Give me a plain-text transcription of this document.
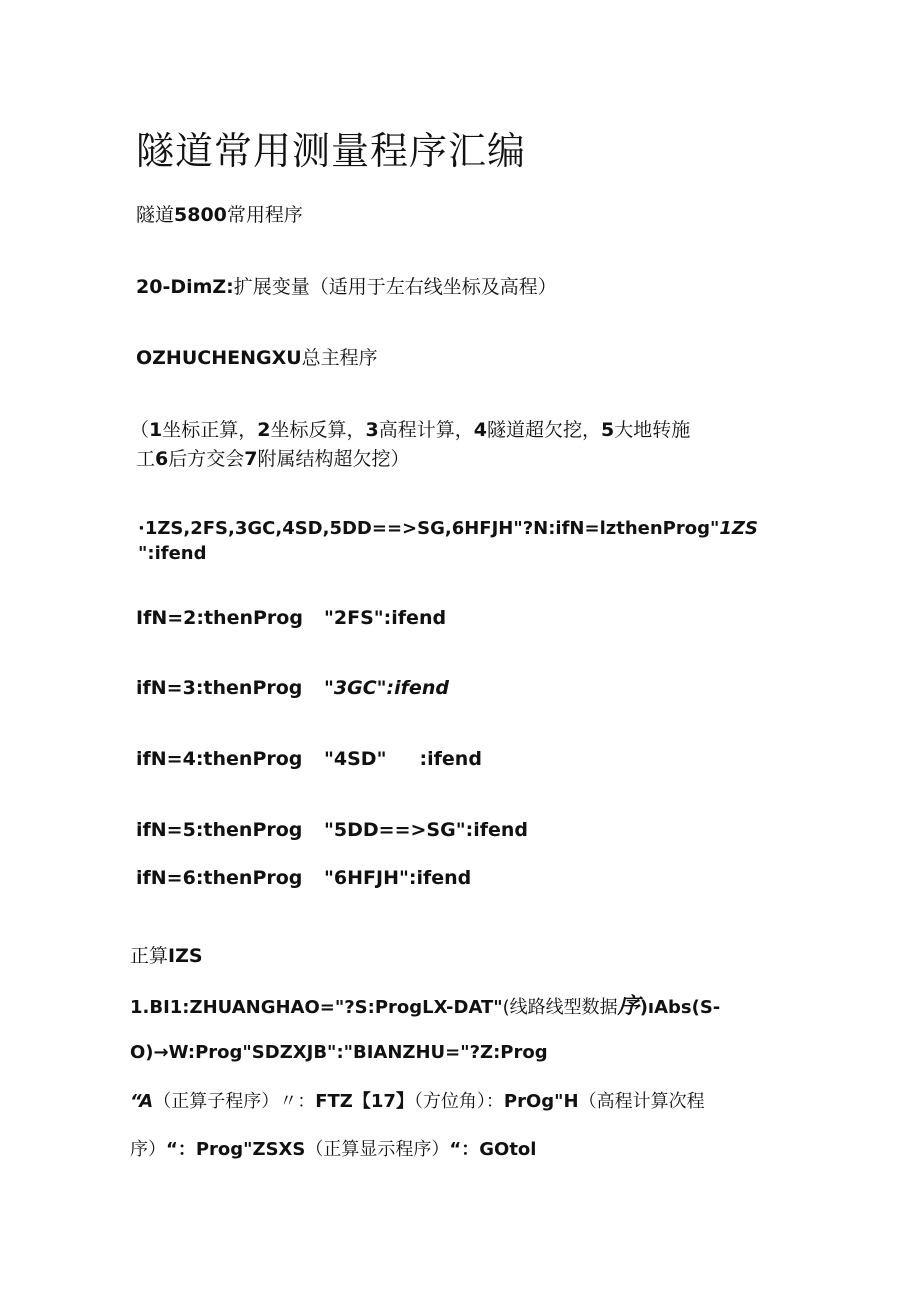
隧道常用测量程序汇编
隧道5800常用程序
20-DimZ:扩展变量（适用于左右线坐标及高程）
OZHUCHENGXU总主程序
（1坐标正算，2坐标反算，3高程计算，4隧道超欠挖，5大地转施
工6后方交会7附属结构超欠挖）
·1ZS,2FS,3GC,4SD,5DD==>SG,6HFJH"?N:ifN=lzthenProg"1ZS
":ifend
IfN=2:thenProg "2FS":ifend
ifN=3:thenProg "3GC":ifend
ifN=4:thenProg "4SD"     :ifend
ifN=5:thenProg "5DD==>SG":ifend
ifN=6:thenProg "6HFJH":ifend
正算IZS
1.BI1:ZHUANGHAO="?S:ProgLX-DAT"(线路线型数据序)ıAbs(S-
O)→W:Prog"SDZXJB":"BIANZHU="?Z:Prog
“A（正算子程序）〃：FTZ【17】（方位角）：PrOg"H（高程计算次程
序）“：Prog"ZSXS（正算显示程序）“：GOtol
